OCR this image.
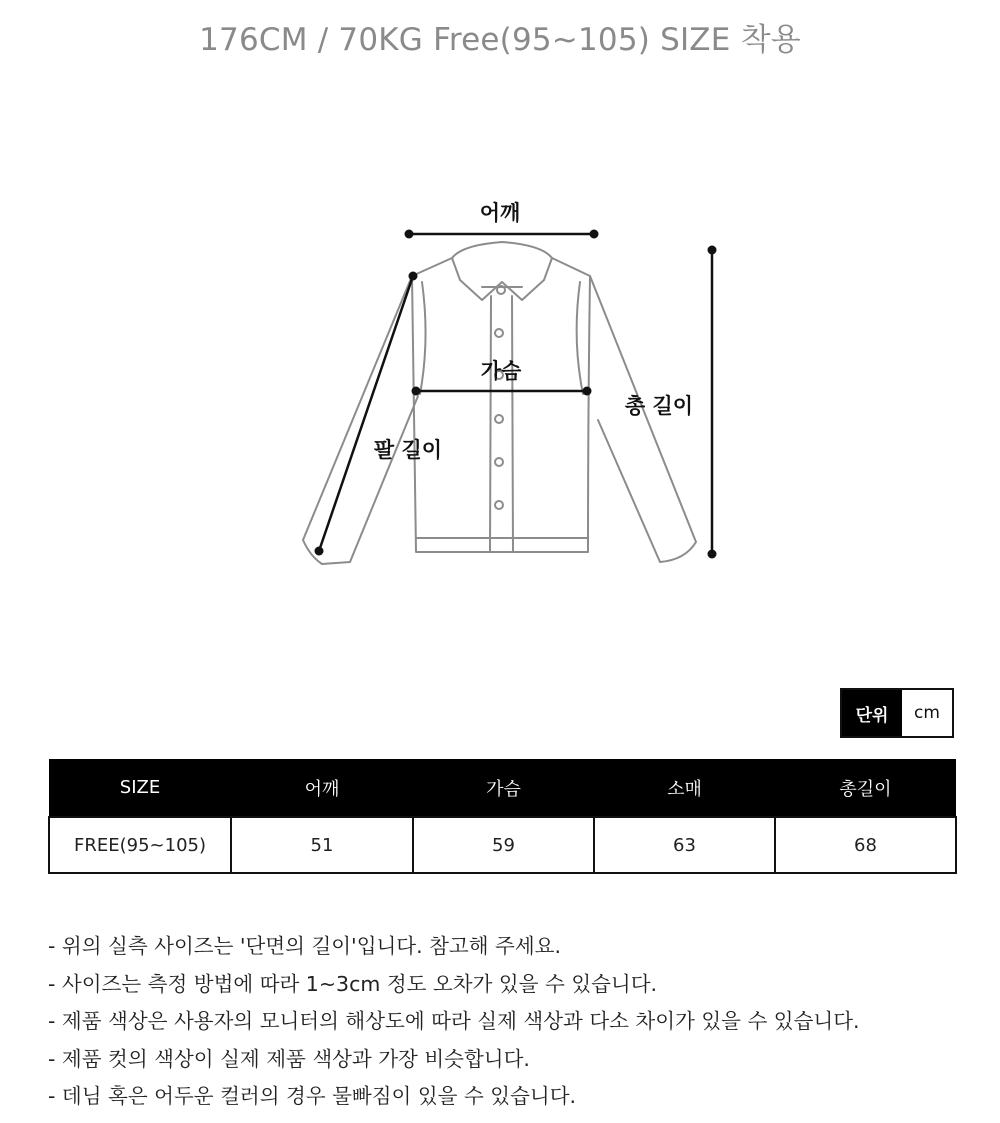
176CM / 70KG Free(95~105) SIZE 착용
어깨
가슴
팔 길이
총 길이
단위	cm
SIZE	어깨	가슴	소매	총길이
FREE(95~105)	51	59	63	68
- 위의 실측 사이즈는 '단면의 길이'입니다. 참고해 주세요.
- 사이즈는 측정 방법에 따라 1~3cm 정도 오차가 있을 수 있습니다.
- 제품 색상은 사용자의 모니터의 해상도에 따라 실제 색상과 다소 차이가 있을 수 있습니다.
- 제품 컷의 색상이 실제 제품 색상과 가장 비슷합니다.
- 데님 혹은 어두운 컬러의 경우 물빠짐이 있을 수 있습니다.
